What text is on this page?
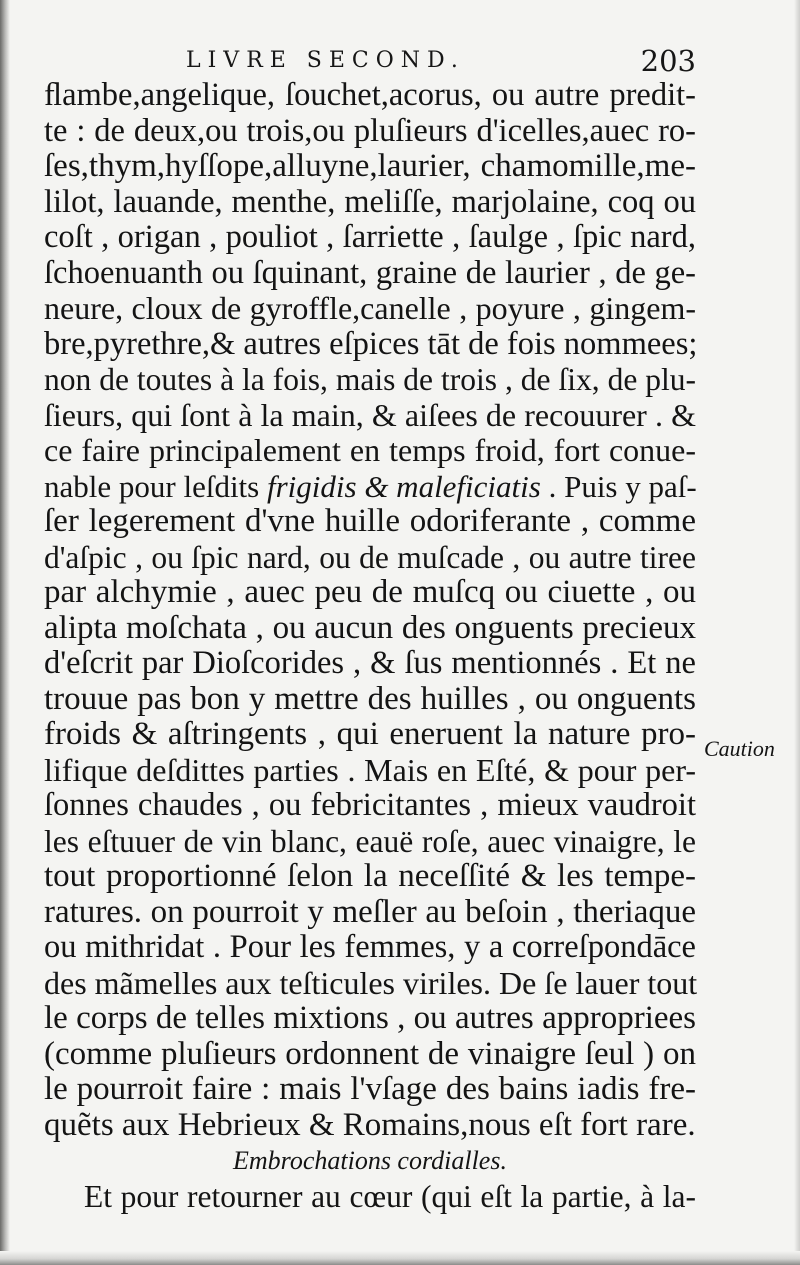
LIVRE SECOND.	203
ﬂambe,angelique, ſouchet,acorus, ou autre predit-
te : de deux,ou trois,ou pluſieurs d'icelles,auec ro-
ſes,thym,hyſſope,alluyne,laurier, chamomille,me-
lilot, lauande, menthe, meliſſe, marjolaine, coq ou
coſt , origan , pouliot , ſarriette , ſaulge , ſpic nard,
ſchoenuanth ou ſquinant, graine de laurier , de ge-
neure, cloux de gyroffle,canelle , poyure , gingem-
bre,pyrethre,& autres eſpices tāt de fois nommees;
non de toutes à la fois, mais de trois , de ſix, de plu-
ſieurs, qui ſont à la main, & aiſees de recouurer . &
ce faire principalement en temps froid, fort conue-
nable pour leſdits frigidis & maleficiatis . Puis y paſ-
ſer legerement d'vne huille odoriferante , comme
d'aſpic , ou ſpic nard, ou de muſcade , ou autre tiree
par alchymie , auec peu de muſcq ou ciuette , ou
alipta moſchata , ou aucun des onguents precieux
d'eſcrit par Dioſcorides , & ſus mentionnés . Et ne
trouue pas bon y mettre des huilles , ou onguents
froids & aſtringents , qui eneruent la nature pro-
lifique deſdittes parties . Mais en Eſté, & pour per-
ſonnes chaudes , ou febricitantes , mieux vaudroit
les eſtuuer de vin blanc, eauë roſe, auec vinaigre, le
tout proportionné ſelon la neceſſité & les tempe-
ratures. on pourroit y meſler au beſoin , theriaque
ou mithridat . Pour les femmes, y a correſpondāce
des mãmelles aux teſticules viriles. De ſe lauer tout
le corps de telles mixtions , ou autres appropriees
(comme pluſieurs ordonnent de vinaigre ſeul ) on
le pourroit faire : mais l'vſage des bains iadis fre-
quẽts aux Hebrieux & Romains,nous eſt fort rare.
Embrochations cordialles.
Et pour retourner au cœur (qui eſt la partie, à la-
Caution
